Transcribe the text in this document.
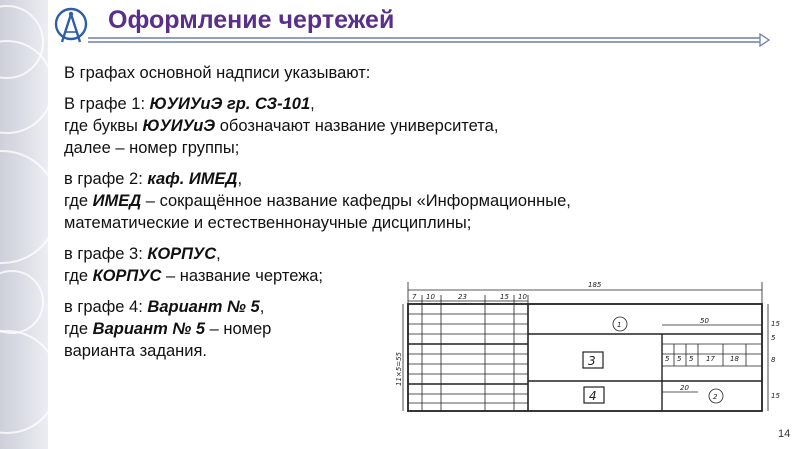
Оформление чертежей

В графах основной надписи указывают:

В графе 1: ЮУИУиЭ гр. СЗ-101,
где буквы ЮУИУиЭ обозначают название университета,
далее – номер группы;

в графе 2: каф. ИМЕД,
где ИМЕД – сокращённое название кафедры «Информационные,
математические и естественнонаучные дисциплины;

в графе 3: КОРПУС,
где КОРПУС – название чертежа;

в графе 4: Вариант № 5,
где Вариант № 5 – номер
варианта задания.

185
7 10	23	15 10
11×5=55
50
5 5 5 17 18
20
15
5
8
15
1
3
4	2
14
